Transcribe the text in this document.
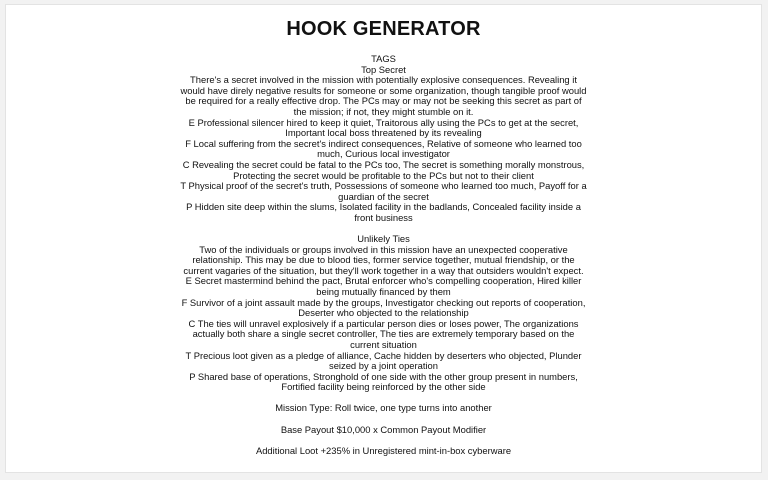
HOOK GENERATOR
TAGS
Top Secret
There's a secret involved in the mission with potentially explosive consequences. Revealing it would have direly negative results for someone or some organization, though tangible proof would be required for a really effective drop. The PCs may or may not be seeking this secret as part of the mission; if not, they might stumble on it.
E Professional silencer hired to keep it quiet, Traitorous ally using the PCs to get at the secret, Important local boss threatened by its revealing
F Local suffering from the secret's indirect consequences, Relative of someone who learned too much, Curious local investigator
C Revealing the secret could be fatal to the PCs too, The secret is something morally monstrous, Protecting the secret would be profitable to the PCs but not to their client
T Physical proof of the secret's truth, Possessions of someone who learned too much, Payoff for a guardian of the secret
P Hidden site deep within the slums, Isolated facility in the badlands, Concealed facility inside a front business
Unlikely Ties
Two of the individuals or groups involved in this mission have an unexpected cooperative relationship. This may be due to blood ties, former service together, mutual friendship, or the current vagaries of the situation, but they'll work together in a way that outsiders wouldn't expect.
E Secret mastermind behind the pact, Brutal enforcer who's compelling cooperation, Hired killer being mutually financed by them
F Survivor of a joint assault made by the groups, Investigator checking out reports of cooperation, Deserter who objected to the relationship
C The ties will unravel explosively if a particular person dies or loses power, The organizations actually both share a single secret controller, The ties are extremely temporary based on the current situation
T Precious loot given as a pledge of alliance, Cache hidden by deserters who objected, Plunder seized by a joint operation
P Shared base of operations, Stronghold of one side with the other group present in numbers, Fortified facility being reinforced by the other side
Mission Type: Roll twice, one type turns into another
Base Payout $10,000 x Common Payout Modifier
Additional Loot +235% in Unregistered mint-in-box cyberware
